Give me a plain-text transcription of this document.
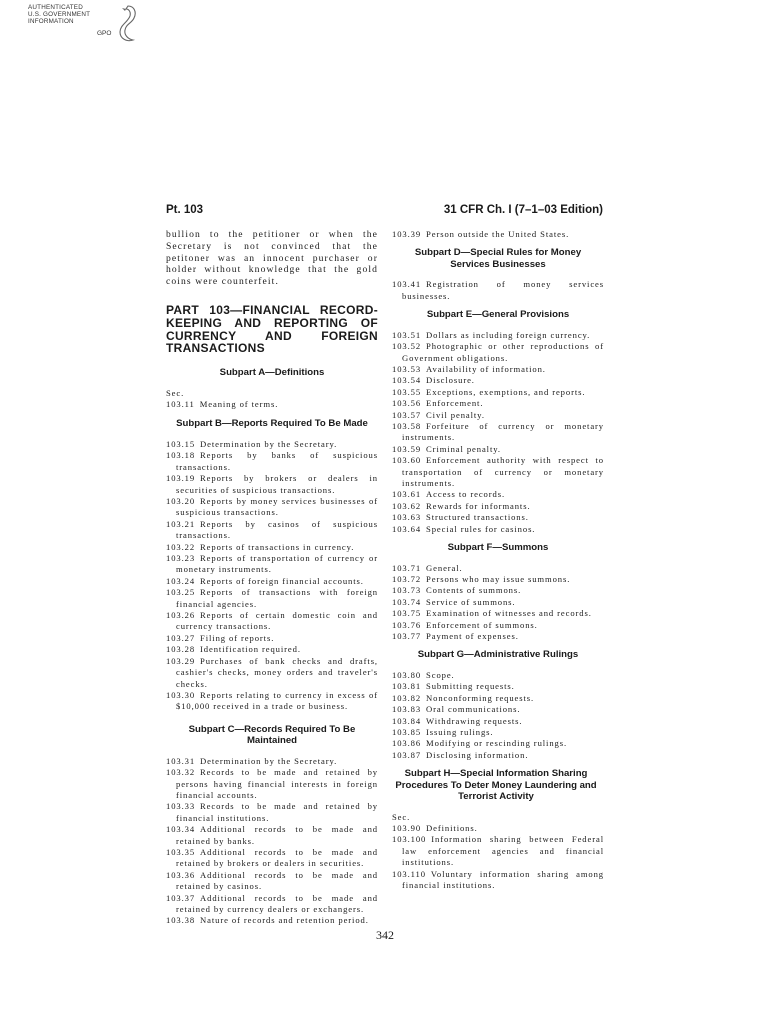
AUTHENTICATED
U.S. GOVERNMENT
INFORMATION
GPO
Pt. 103	31 CFR Ch. I (7–1–03 Edition)

bullion to the petitioner or when the Secretary is not convinced that the petitoner was an innocent purchaser or holder without knowledge that the gold coins were counterfeit.

PART 103—FINANCIAL RECORD-KEEPING AND REPORTING OF CURRENCY AND FOREIGN TRANSACTIONS
Subpart A—Definitions

Sec.

103.11 Meaning of terms.
Subpart B—Reports Required To Be Made
103.15 Determination by the Secretary.
103.18 Reports by banks of suspicious transactions.
103.19 Reports by brokers or dealers in securities of suspicious transactions.
103.20 Reports by money services businesses of suspicious transactions.
103.21 Reports by casinos of suspicious transactions.
103.22 Reports of transactions in currency.
103.23 Reports of transportation of currency or monetary instruments.
103.24 Reports of foreign financial accounts.
103.25 Reports of transactions with foreign financial agencies.
103.26 Reports of certain domestic coin and currency transactions.
103.27 Filing of reports.
103.28 Identification required.
103.29 Purchases of bank checks and drafts, cashier's checks, money orders and traveler's checks.
103.30 Reports relating to currency in excess of $10,000 received in a trade or business.
Subpart C—Records Required To Be Maintained
103.31 Determination by the Secretary.
103.32 Records to be made and retained by persons having financial interests in foreign financial accounts.
103.33 Records to be made and retained by financial institutions.
103.34 Additional records to be made and retained by banks.
103.35 Additional records to be made and retained by brokers or dealers in securities.
103.36 Additional records to be made and retained by casinos.
103.37 Additional records to be made and retained by currency dealers or exchangers.
103.38 Nature of records and retention period.
103.39 Person outside the United States.
Subpart D—Special Rules for Money Services Businesses
103.41 Registration of money services businesses.
Subpart E—General Provisions
103.51 Dollars as including foreign currency.
103.52 Photographic or other reproductions of Government obligations.
103.53 Availability of information.
103.54 Disclosure.
103.55 Exceptions, exemptions, and reports.
103.56 Enforcement.
103.57 Civil penalty.
103.58 Forfeiture of currency or monetary instruments.
103.59 Criminal penalty.
103.60 Enforcement authority with respect to transportation of currency or monetary instruments.
103.61 Access to records.
103.62 Rewards for informants.
103.63 Structured transactions.
103.64 Special rules for casinos.
Subpart F—Summons
103.71 General.
103.72 Persons who may issue summons.
103.73 Contents of summons.
103.74 Service of summons.
103.75 Examination of witnesses and records.
103.76 Enforcement of summons.
103.77 Payment of expenses.
Subpart G—Administrative Rulings
103.80 Scope.
103.81 Submitting requests.
103.82 Nonconforming requests.
103.83 Oral communications.
103.84 Withdrawing requests.
103.85 Issuing rulings.
103.86 Modifying or rescinding rulings.
103.87 Disclosing information.
Subpart H—Special Information Sharing Procedures To Deter Money Laundering and Terrorist Activity

Sec.

103.90 Definitions.
103.100 Information sharing between Federal law enforcement agencies and financial institutions.
103.110 Voluntary information sharing among financial institutions.
342
